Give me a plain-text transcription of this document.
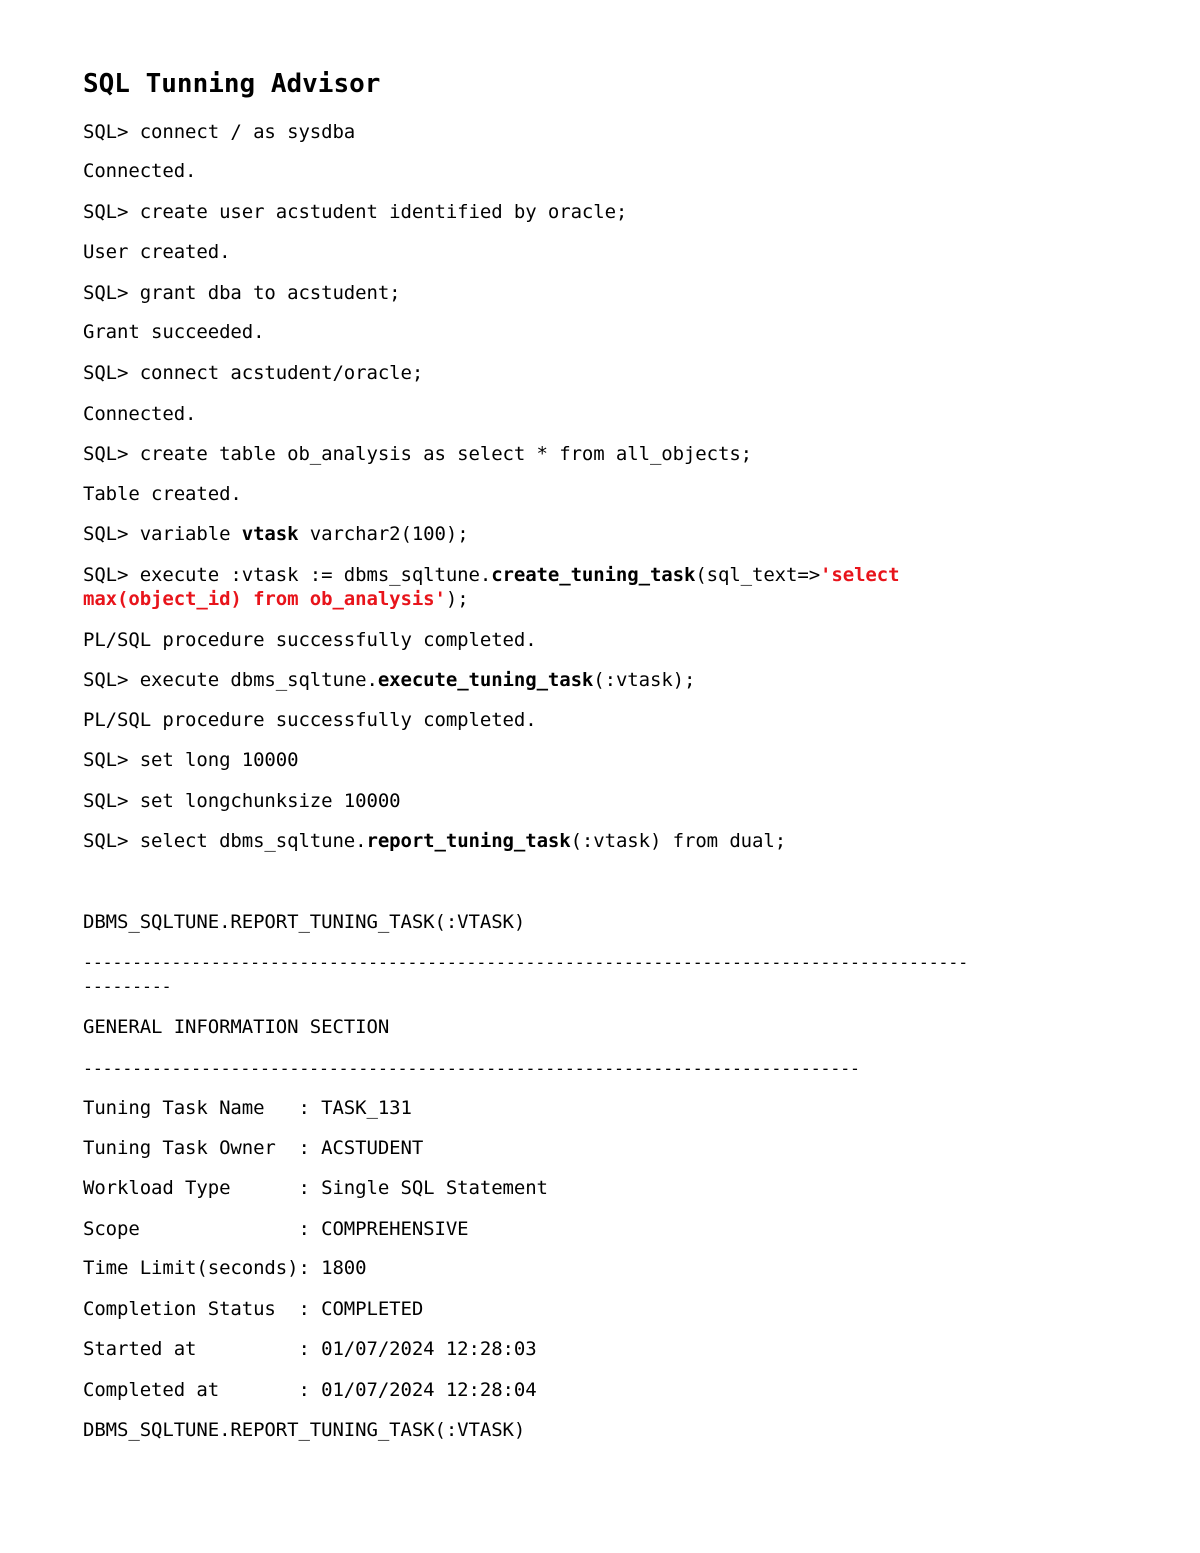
SQL Tunning Advisor
SQL> connect / as sysdba
Connected.
SQL> create user acstudent identified by oracle;
User created.
SQL> grant dba to acstudent;
Grant succeeded.
SQL> connect acstudent/oracle;
Connected.
SQL> create table ob_analysis as select * from all_objects;
Table created.
SQL> variable vtask varchar2(100);
SQL> execute :vtask := dbms_sqltune.create_tuning_task(sql_text=>'select
max(object_id) from ob_analysis');
PL/SQL procedure successfully completed.
SQL> execute dbms_sqltune.execute_tuning_task(:vtask);
PL/SQL procedure successfully completed.
SQL> set long 10000
SQL> set longchunksize 10000
SQL> select dbms_sqltune.report_tuning_task(:vtask) from dual;
DBMS_SQLTUNE.REPORT_TUNING_TASK(:VTASK)
------------------------------------------------------------------------------------------
---------
GENERAL INFORMATION SECTION
-------------------------------------------------------------------------------
Tuning Task Name   : TASK_131
Tuning Task Owner  : ACSTUDENT
Workload Type      : Single SQL Statement
Scope              : COMPREHENSIVE
Time Limit(seconds): 1800
Completion Status  : COMPLETED
Started at         : 01/07/2024 12:28:03
Completed at       : 01/07/2024 12:28:04
DBMS_SQLTUNE.REPORT_TUNING_TASK(:VTASK)
